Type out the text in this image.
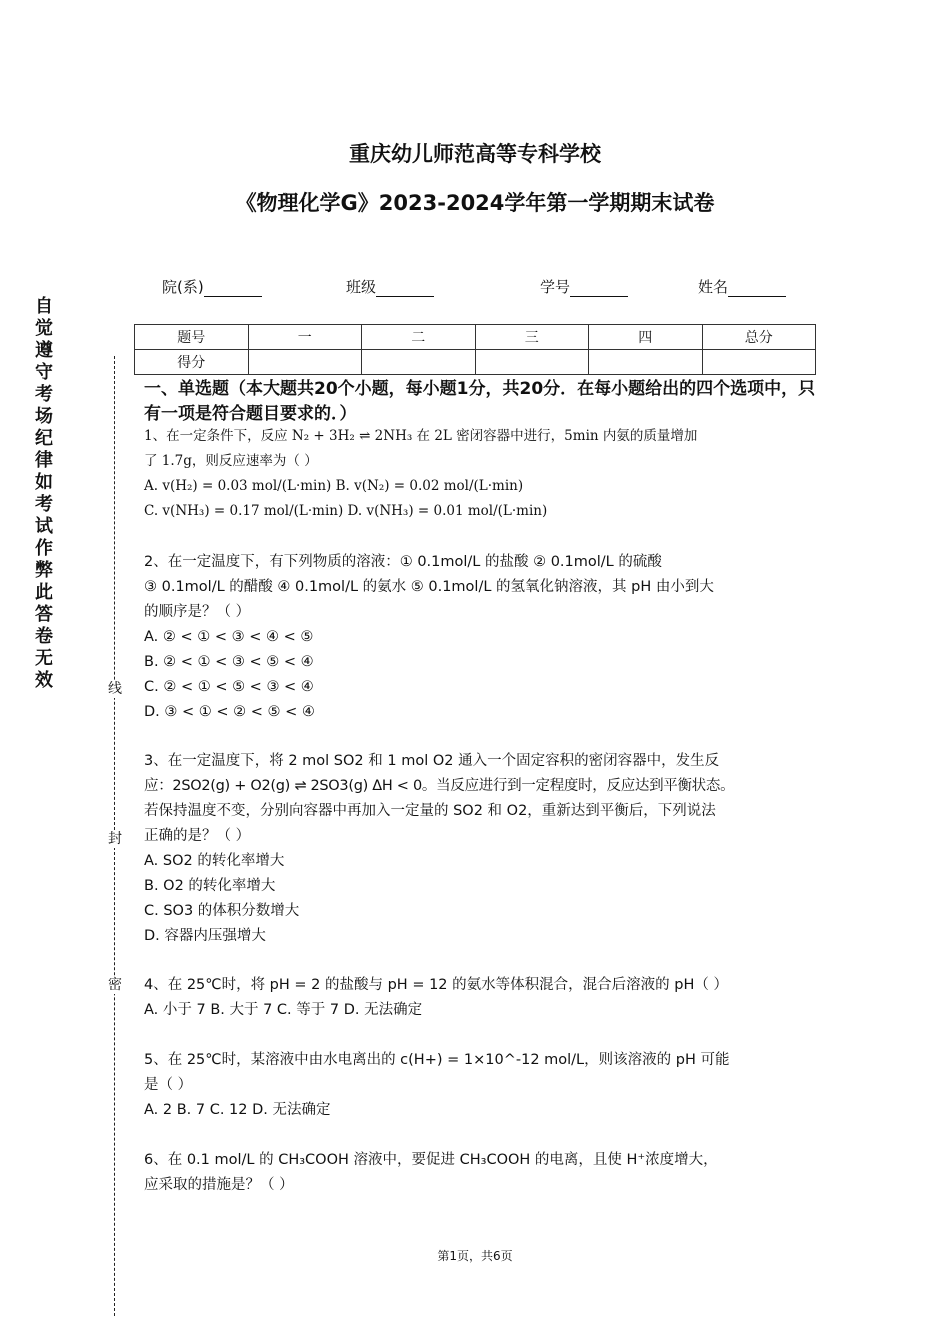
重庆幼儿师范高等专科学校
《物理化学G》2023-2024学年第一学期期末试卷
院(系)	班级	学号	姓名
自觉遵守考场纪律如考试作弊此答卷无效	线
封
密
题号	一	二	三	四	总分
得分					
一、单选题（本大题共20个小题，每小题1分，共20分．在每小题给出的四个选项中，只有一项是符合题目要求的．）
1、在一定条件下，反应 N₂ + 3H₂ ⇌ 2NH₃ 在 2L 密闭容器中进行，5min 内氨的质量增加
了 1.7g，则反应速率为（ ）
A. v(H₂) = 0.03 mol/(L·min) B. v(N₂) = 0.02 mol/(L·min)
C. v(NH₃) = 0.17 mol/(L·min) D. v(NH₃) = 0.01 mol/(L·min)
2、在一定温度下，有下列物质的溶液：① 0.1mol/L 的盐酸 ② 0.1mol/L 的硫酸
③ 0.1mol/L 的醋酸 ④ 0.1mol/L 的氨水 ⑤ 0.1mol/L 的氢氧化钠溶液，其 pH 由小到大
的顺序是？（ ）
A. ② < ① < ③ < ④ < ⑤
B. ② < ① < ③ < ⑤ < ④
C. ② < ① < ⑤ < ③ < ④
D. ③ < ① < ② < ⑤ < ④
3、在一定温度下，将 2 mol SO2 和 1 mol O2 通入一个固定容积的密闭容器中，发生反
应：2SO2(g) + O2(g) ⇌ 2SO3(g) ΔH < 0。当反应进行到一定程度时，反应达到平衡状态。
若保持温度不变，分别向容器中再加入一定量的 SO2 和 O2，重新达到平衡后，下列说法
正确的是？（ ）
A. SO2 的转化率增大
B. O2 的转化率增大
C. SO3 的体积分数增大
D. 容器内压强增大
4、在 25℃时，将 pH = 2 的盐酸与 pH = 12 的氨水等体积混合，混合后溶液的 pH（ ）
A. 小于 7 B. 大于 7 C. 等于 7 D. 无法确定
5、在 25℃时，某溶液中由水电离出的 c(H+) = 1×10^-12 mol/L，则该溶液的 pH 可能
是（ ）
A. 2 B. 7 C. 12 D. 无法确定
6、在 0.1 mol/L 的 CH₃COOH 溶液中，要促进 CH₃COOH 的电离，且使 H⁺浓度增大，
应采取的措施是？（ ）
第1页，共6页
